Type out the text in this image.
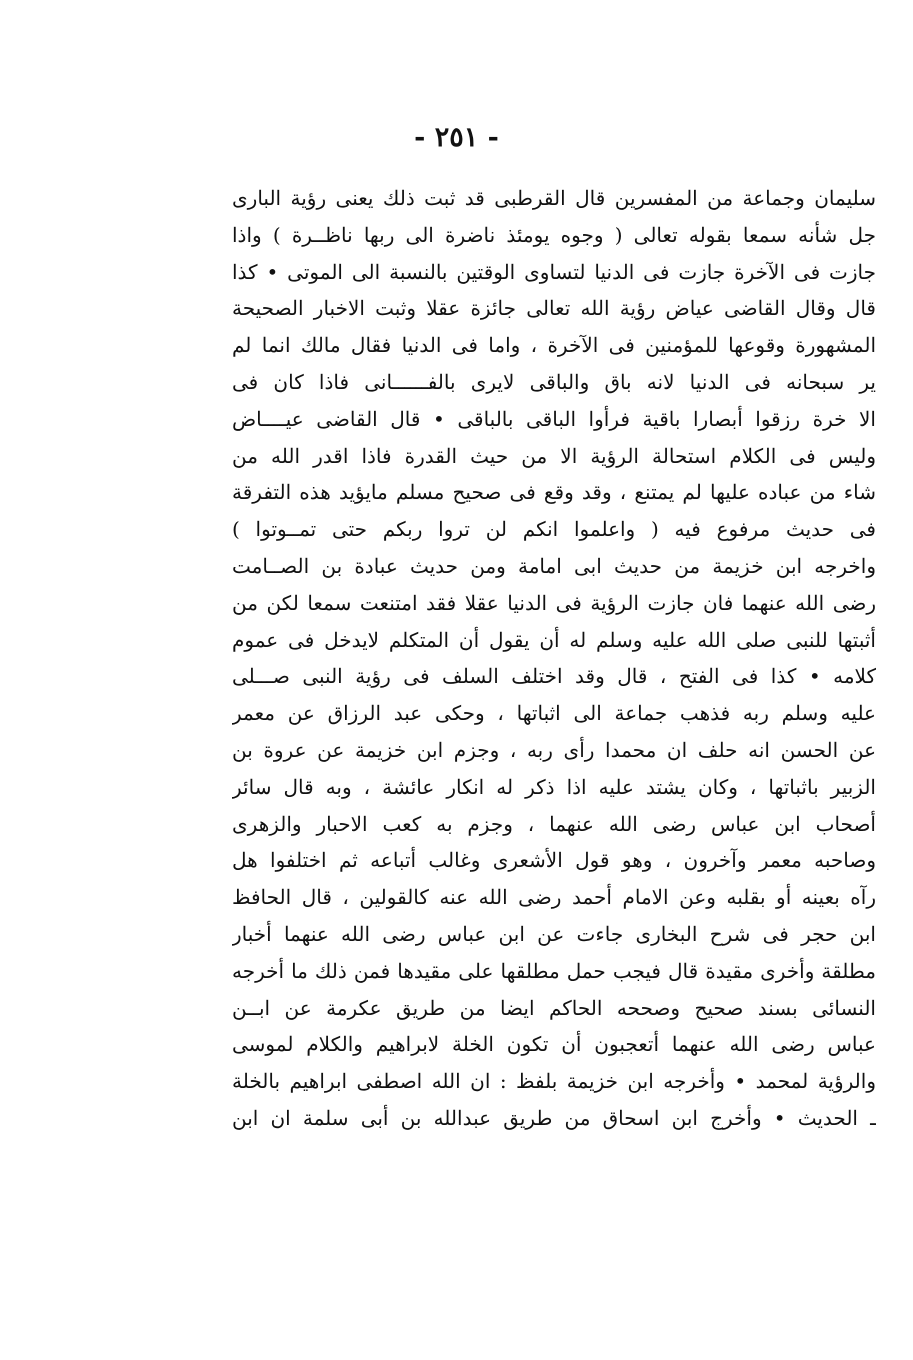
- ٢٥١ -
سليمان وجماعة من المفسرين قال القرطبى قد ثبت ذلك يعنى رؤية البارى
جل شأنه سمعا بقوله تعالى ( وجوه يومئذ ناضرة الى ربها ناظــرة ) واذا
جازت فى الآخرة جازت فى الدنيا لتساوى الوقتين بالنسبة الى الموتى • كذا
قال وقال القاضى عياض رؤية الله تعالى جائزة عقلا وثبت الاخبار الصحيحة
المشهورة وقوعها للمؤمنين فى الآخرة ، واما فى الدنيا فقال مالك انما لم
ير سبحانه فى الدنيا لانه باق والباقى لايرى بالفــــــانى فاذا كان فى
الا خرة رزقوا أبصارا باقية فرأوا الباقى بالباقى • قال القاضى عيــــاض
وليس فى الكلام استحالة الرؤية الا من حيث القدرة فاذا اقدر الله من
شاء من عباده عليها لم يمتنع ، وقد وقع فى صحيح مسلم مايؤيد هذه التفرقة
فى حديث مرفوع فيه ( واعلموا انكم لن تروا ربكم حتى تمــوتوا )
واخرجه ابن خزيمة من حديث ابى امامة ومن حديث عبادة بن الصــامت
رضى الله عنهما فان جازت الرؤية فى الدنيا عقلا فقد امتنعت سمعا لكن من
أثبتها للنبى صلى الله عليه وسلم له أن يقول أن المتكلم لايدخل فى عموم
كلامه • كذا فى الفتح ، قال وقد اختلف السلف فى رؤية النبى صـــلى
عليه وسلم ربه فذهب جماعة الى اثباتها ، وحكى عبد الرزاق عن معمر
عن الحسن انه حلف ان محمدا رأى ربه ، وجزم ابن خزيمة عن عروة بن
الزبير باثباتها ، وكان يشتد عليه اذا ذكر له انكار عائشة ، وبه قال سائر
أصحاب ابن عباس رضى الله عنهما ، وجزم به كعب الاحبار والزهرى
وصاحبه معمر وآخرون ، وهو قول الأشعرى وغالب أتباعه ثم اختلفوا هل
رآه بعينه أو بقلبه وعن الامام أحمد رضى الله عنه كالقولين ، قال الحافظ
ابن حجر فى شرح البخارى جاءت عن ابن عباس رضى الله عنهما أخبار
مطلقة وأخرى مقيدة قال فيجب حمل مطلقها على مقيدها فمن ذلك ما أخرجه
النسائى بسند صحيح وصححه الحاكم ايضا من طريق عكرمة عن ابــن
عباس رضى الله عنهما أتعجبون أن تكون الخلة لابراهيم والكلام لموسى
والرؤية لمحمد • وأخرجه ابن خزيمة بلفظ : ان الله اصطفى ابراهيم بالخلة
ـ الحديث • وأخرج ابن اسحاق من طريق عبدالله بن أبى سلمة ان ابن
